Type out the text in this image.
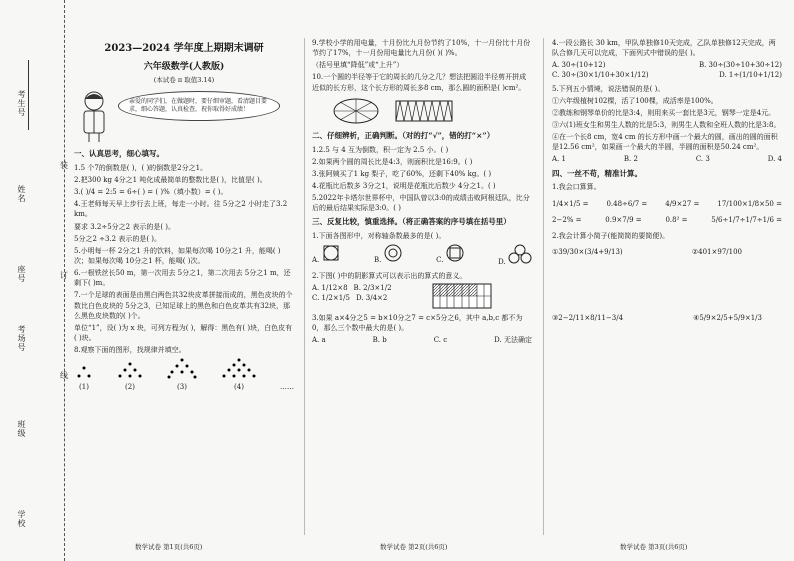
考生号
姓名
座号
考场号
班级
学校
装
订
线
2023—2024 学年度上期期末调研
六年级数学(人教版)
(本试卷 π 取值3.14)
亲爱的同学们，在做题时，要仔细审题，看清题目要求，细心答题，认真检查，祝你取得好成绩！
一、认真思考，细心填写。

1.5 个7的倒数是( )，( )的倒数是2分之1。

2.把300 kg 4分之1 吨化成最简单的整数比是( )，比值是( )。

3.( )/4 = 2:5 = 6÷( ) = ( )%（填小数）= ( )。

4.王老师每天早上步行去上班，每走一小时。往 5分之2 小时走了3.2 km。

要求 3.2÷5分之2 表示的是( )。

5分之2 ÷3.2 表示的是( )。

5.小明每一杯 2分之1 升的饮料，如果每次喝 10分之1 升，能喝( )次；如果每次喝 10分之1 杯，能喝( )次。

6.一根铁丝长50 m，第一次用去 5分之1，第二次用去 5分之1 m，还剩下( )m。

7.一个足球的表面是由黑白两色共32块皮革拼接而成的，黑色皮块的个数比白色皮块的 5分之3，已知足球上的黑色和白色皮革共有32块，那么黑色皮块数的( )个。

单位“1”，设( )为 x 块，可列方程为( )，解得：黑色有( )块，白色皮有( )块。

8.观察下面的图形，找规律并填空。

(1)	(2)	(3)	(4)	……
数学试卷 第1页(共6页)

9.学校小学的用电量，十月份比九月份节约了10%，十一月份比十月份节约了17%，十一月份用电量比九月份( )( )%。

（括号里填“降低”或“上升”）

10.一个圆的半径等于它的周长的几分之几？想法把圆沿半径剪开拼成近似的长方形，这个长方形的周长多8 cm，那么圆的面积是( )cm²。

二、仔细辨析，正确判断。（对的打“√”，错的打“×”）

1.2.5 与 4 互为倒数，积一定为 2.5 小。( )

2.如果两个圆的周长比是4:3，则面积比是16:9。( )

3.张阿姨买了1 kg 梨子，吃了60%，还剩下40% kg。( )

4.花瓶比后数多 3分之1，说明是花瓶比后数少 4分之1。( )

5.2022年卡塔尔世界杯中，中国队曾以3:0的成绩击败阿根廷队，比分后的最后结果实际是3:0。( )

三、反复比较，慎重选择。（将正确答案的序号填在括号里）

1.下面各图形中，对称轴条数最多的是( )。

A.	B.	C.	D.

2.下图( )中的阴影算式可以表示出的算式的意义。

A. 1/12×8 B. 2/3×1/2
C. 1/2×1/5 D. 3/4×2

3.如果 a×4分之5 = b×10分之7 = c×5分之6，其中 a,b,c 都不为0，那么三个数中最大的是( )。

A. a	B. b	C. c	D. 无法确定
数学试卷 第2页(共6页)

4.一段公路长 30 km，甲队单独修10天完成，乙队单独修12天完成，两队合修几天可以完成，下面列式中错误的是( )。

A. 30÷(10+12)	B. 30÷(30÷10+30÷12)
C. 30÷(30×1/10+30×1/12)	D. 1÷(1/10+1/12)

5.下列五小情境，说法错误的是( )。

①六年级植树102棵，活了100棵，成活率是100%。

②教练和钢琴单价的比是3:4，则用来买一套比是3元，钢琴一定是4元。

③六(1)班女生和男生人数的比是5:3，则男生人数和全班人数的比是3:8。

④在一个长8 cm，宽4 cm 的长方形中画一个最大的圆，画出的圆的面积是12.56 cm²，如果画一个最大的半圆，半圆的面积是50.24 cm²。

A. 1	B. 2	C. 3	D. 4
四、一丝不苟，精准计算。

1.我会口算算。

1/4×1/5 =	0.48÷6/7 =	4/9×27 =	17/100×1/8×50 =
2−2% =	0.9×7/9 =	0.8² =	5/6÷1/7÷1/7÷1/6 =

2.我会计算小简子(能简简的要简便)。

①39/30×(3/4+9/13)	②401×97/100
③2−2/11×8/11−3/4	④5/9×2/5+5/9×1/3
数学试卷 第3页(共6页)
